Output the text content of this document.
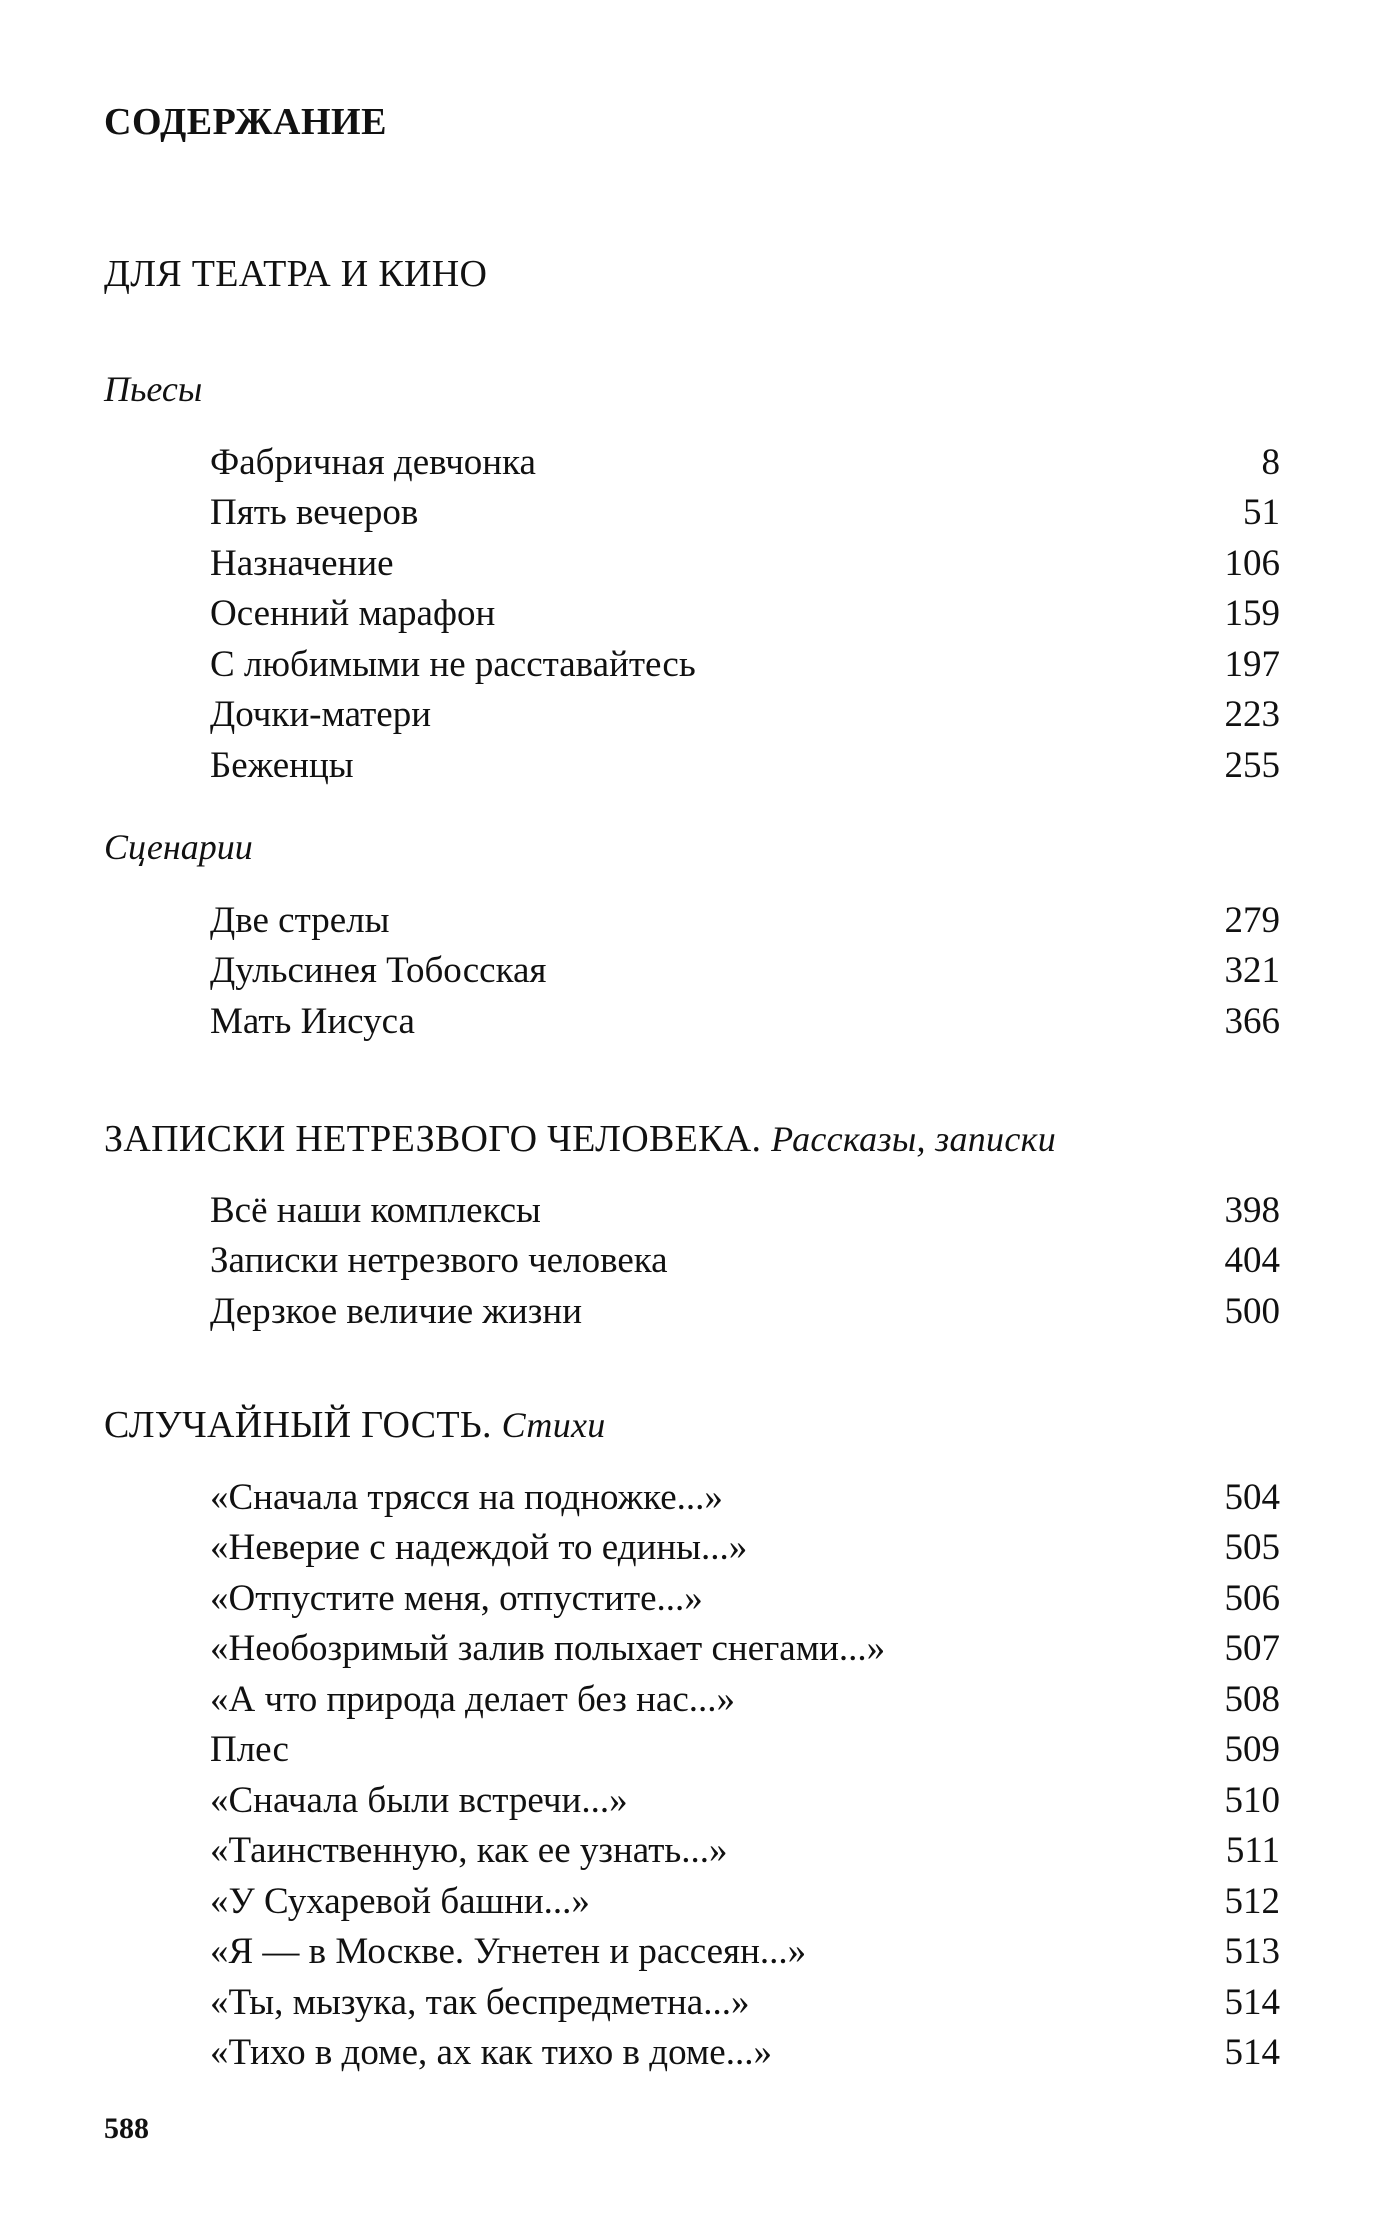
СОДЕРЖАНИЕ
ДЛЯ ТЕАТРА И КИНО
Пьесы
Фабричная девчонка	8
Пять вечеров	51
Назначение	106
Осенний марафон	159
С любимыми не расставайтесь	197
Дочки-матери	223
Беженцы	255
Сценарии
Две стрелы	279
Дульсинея Тобосская	321
Мать Иисуса	366
ЗАПИСКИ НЕТРЕЗВОГО ЧЕЛОВЕКА. Рассказы, записки
Всё наши комплексы	398
Записки нетрезвого человека	404
Дерзкое величие жизни	500
СЛУЧАЙНЫЙ ГОСТЬ. Стихи
«Сначала трясся на подножке...»	504
«Неверие с надеждой то едины...»	505
«Отпустите меня, отпустите...»	506
«Необозримый залив полыхает снегами...»	507
«А что природа делает без нас...»	508
Плес	509
«Сначала были встречи...»	510
«Таинственную, как ее узнать...»	511
«У Сухаревой башни...»	512
«Я — в Москве. Угнетен и рассеян...»	513
«Ты, мызука, так беспредметна...»	514
«Тихо в доме, ах как тихо в доме...»	514
588
